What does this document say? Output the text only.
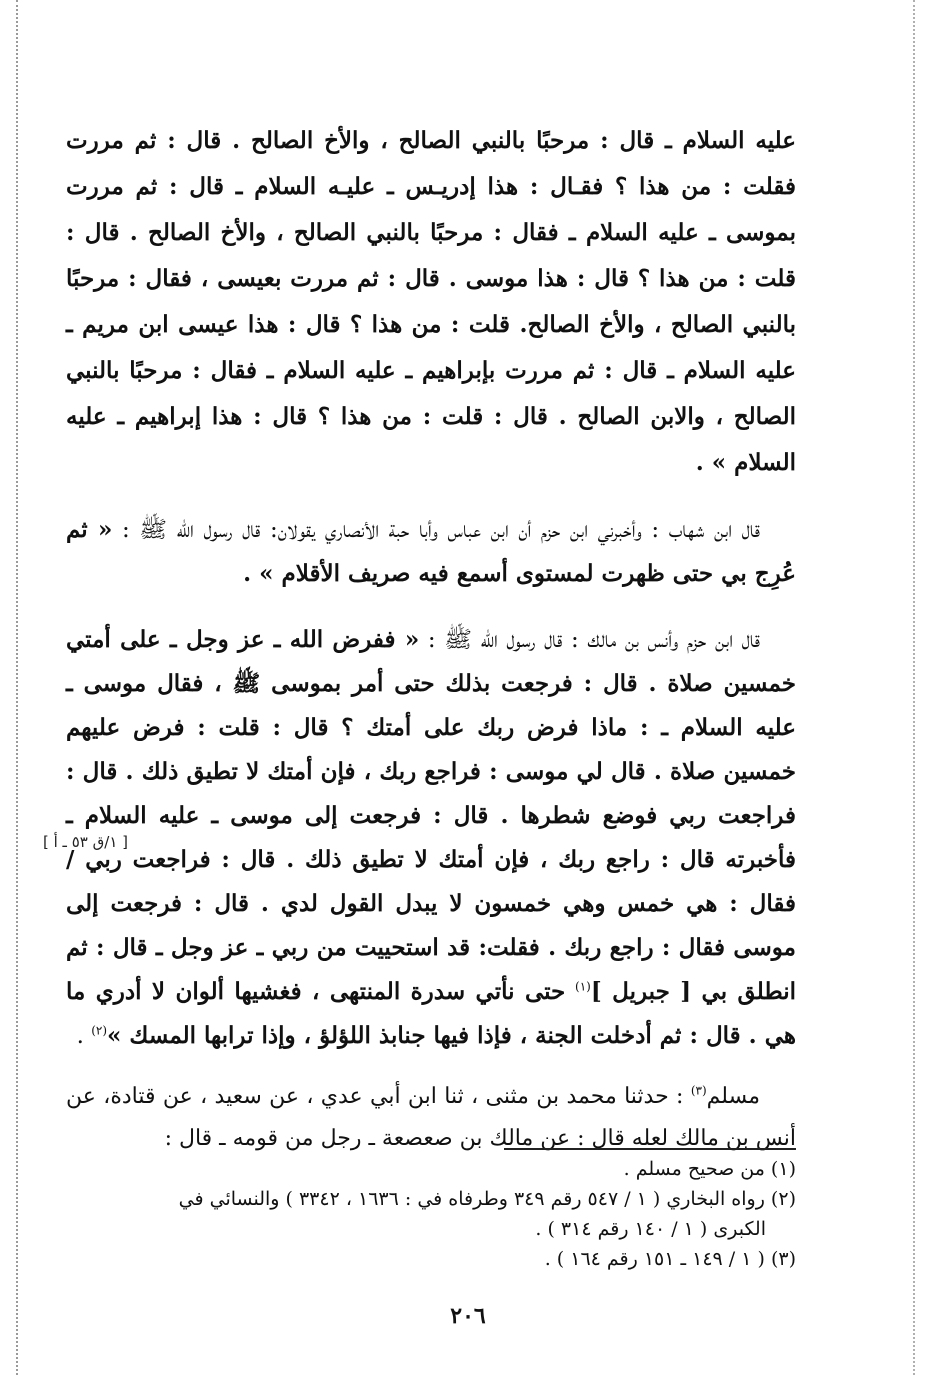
عليه السلام ـ قال : مرحبًا بالنبي الصالح ، والأخ الصالح . قال : ثم مررت فقلت : من هذا ؟ فقـال : هذا إدريـس ـ عليـه السلام ـ قال : ثم مررت بموسى ـ عليه السلام ـ فقال : مرحبًا بالنبي الصالح ، والأخ الصالح . قال : قلت : من هذا ؟ قال : هذا موسى . قال : ثم مررت بعيسى ، فقال : مرحبًا بالنبي الصالح ، والأخ الصالح. قلت : من هذا ؟ قال : هذا عيسى ابن مريم ـ عليه السلام ـ قال : ثم مررت بإبراهيم ـ عليه السلام ـ فقال : مرحبًا بالنبي الصالح ، والابن الصالح . قال : قلت : من هذا ؟ قال : هذا إبراهيم ـ عليه السلام » .

قال ابن شهاب : وأخبرني ابن حزم أن ابن عباس وأبا حبة الأنصاري يقولان: قال رسول الله ﷺ : « ثم عُرِج بي حتى ظهرت لمستوى أسمع فيه صريف الأقلام » .

قال ابن حزم وأنس بن مالك : قال رسول الله ﷺ : « ففرض الله ـ عز وجل ـ على أمتي خمسين صلاة . قال : فرجعت بذلك حتى أمر بموسى ﷺ ، فقال موسى ـ عليه السلام ـ : ماذا فرض ربك على أمتك ؟ قال : قلت : فرض عليهم خمسين صلاة . قال لي موسى : فراجع ربك ، فإن أمتك لا تطيق ذلك . قال : فراجعت ربي فوضع شطرها . قال : فرجعت إلى موسى ـ عليه السلام ـ فأخبرته قال : راجع ربك ، فإن أمتك لا تطيق ذلك . قال : فراجعت ربي / فقال : هي خمس وهي خمسون لا يبدل القول لدي . قال : فرجعت إلى موسى فقال : راجع ربك . فقلت: قد استحييت من ربي ـ عز وجل ـ قال : ثم انطلق بي [ جبريل ]$^{(١)}$ حتى نأتي سدرة المنتهى ، فغشيها ألوان لا أدري ما هي . قال : ثم أدخلت الجنة ، فإذا فيها جنابذ اللؤلؤ ، وإذا ترابها المسك »$^{(٢)}$ .

مسلم$^{(٣)}$ : حدثنا محمد بن مثنى ، ثنا ابن أبي عدي ، عن سعيد ، عن قتادة، عن أنس بن مالك لعله قال : عن مالك بن صعصعة ـ رجل من قومه ـ قال :

[ ١/ق ٥٣ ـ أ ]

(١) من صحيح مسلم .

(٢) رواه البخاري ( ١ / ٥٤٧ رقم ٣٤٩ وطرفاه في : ١٦٣٦ ، ٣٣٤٢ ) والنسائي في
الكبرى ( ١ / ١٤٠ رقم ٣١٤ ) .

(٣) ( ١ / ١٤٩ ـ ١٥١ رقم ١٦٤ ) .

٢٠٦
